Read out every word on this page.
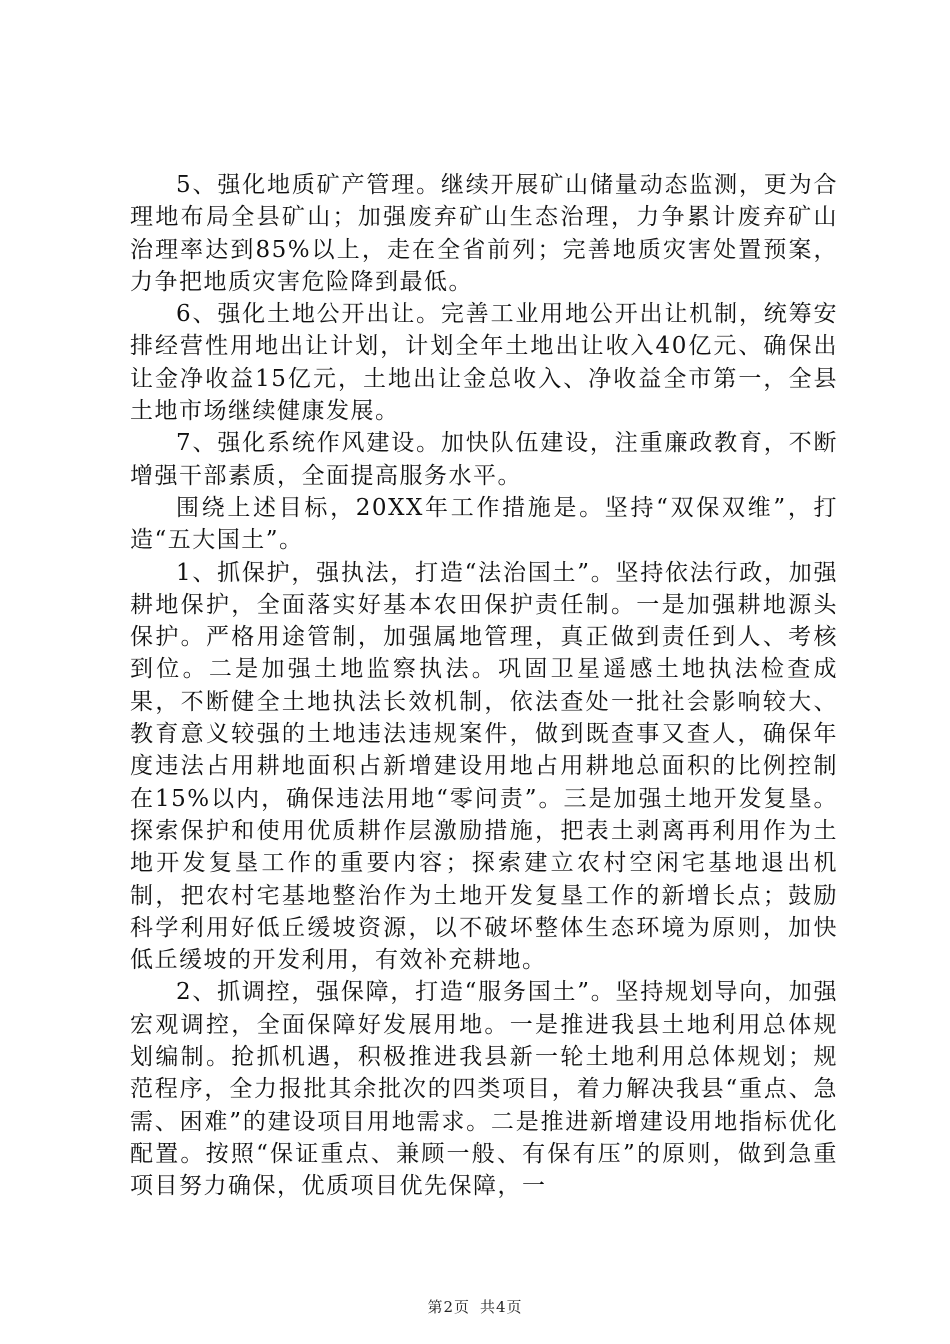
5、强化地质矿产管理。继续开展矿山储量动态监测，更为合理地布局全县矿山；加强废弃矿山生态治理，力争累计废弃矿山治理率达到85%以上，走在全省前列；完善地质灾害处置预案，力争把地质灾害危险降到最低。

6、强化土地公开出让。完善工业用地公开出让机制，统筹安排经营性用地出让计划，计划全年土地出让收入40亿元、确保出让金净收益15亿元，土地出让金总收入、净收益全市第一，全县土地市场继续健康发展。

7、强化系统作风建设。加快队伍建设，注重廉政教育，不断增强干部素质，全面提高服务水平。

围绕上述目标，20XX年工作措施是。坚持“双保双维”，打造“五大国土”。

1、抓保护，强执法，打造“法治国土”。坚持依法行政，加强耕地保护，全面落实好基本农田保护责任制。一是加强耕地源头保护。严格用途管制，加强属地管理，真正做到责任到人、考核到位。二是加强土地监察执法。巩固卫星遥感土地执法检查成果，不断健全土地执法长效机制，依法查处一批社会影响较大、教育意义较强的土地违法违规案件，做到既查事又查人，确保年度违法占用耕地面积占新增建设用地占用耕地总面积的比例控制在15%以内，确保违法用地“零问责”。三是加强土地开发复垦。探索保护和使用优质耕作层激励措施，把表土剥离再利用作为土地开发复垦工作的重要内容；探索建立农村空闲宅基地退出机制，把农村宅基地整治作为土地开发复垦工作的新增长点；鼓励科学利用好低丘缓坡资源，以不破坏整体生态环境为原则，加快低丘缓坡的开发利用，有效补充耕地。

2、抓调控，强保障，打造“服务国土”。坚持规划导向，加强宏观调控，全面保障好发展用地。一是推进我县土地利用总体规划编制。抢抓机遇，积极推进我县新一轮土地利用总体规划；规范程序，全力报批其余批次的四类项目，着力解决我县“重点、急需、困难”的建设项目用地需求。二是推进新增建设用地指标优化配置。按照“保证重点、兼顾一般、有保有压”的原则，做到急重项目努力确保，优质项目优先保障，一

第2页 共4页
